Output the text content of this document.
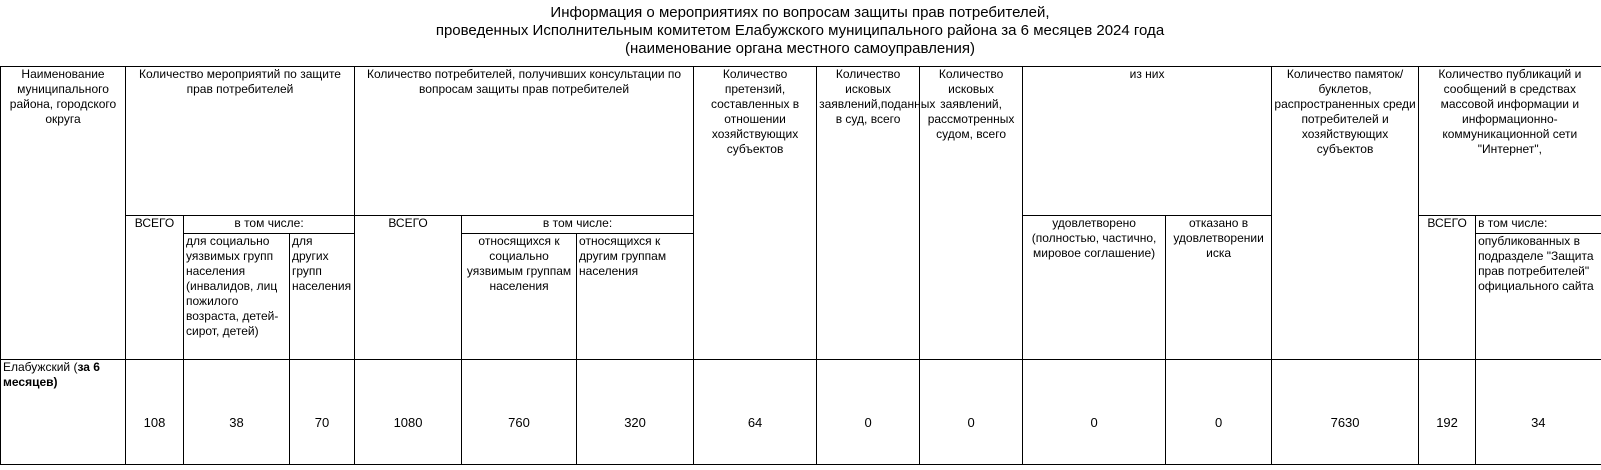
Информация о мероприятиях по вопросам защиты прав потребителей,
проведенных Исполнительным комитетом Елабужского муниципального района за 6 месяцев 2024 года
(наименование органа местного самоуправления)
Наименование муниципального района, городского округа	Количество мероприятий по защите прав потребителей			Количество потребителей, получивших консультации по вопросам защиты прав потребителей			Количество претензий, составленных в отношении хозяйствующих субъектов	Количество исковых заявлений,поданных в суд, всего	Количество исковых заявлений, рассмотренных судом, всего	из них		Количество памяток/буклетов, распространенных среди потребителей и хозяйствующих субъектов	Количество публикаций и сообщений в средствах массовой информации и информационно-коммуникационной сети "Интернет",	
	ВСЕГО	в том числе:		ВСЕГО	в том числе:					удовлетворено (полностью, частично, мировое соглашение)	отказано в удовлетворении иска		ВСЕГО	в том числе:
		для социально уязвимых групп населения (инвалидов, лиц пожилого возраста, детей-сирот, детей)	для других групп населения		относящихся к социально уязвимым группам населения	относящихся к другим группам населения								опубликованных в подразделе "Защита прав потребителей" официального сайта
Елабужский (за 6 месяцев)	108	38	70	1080	760	320	64	0	0	0	0	7630	192	34
